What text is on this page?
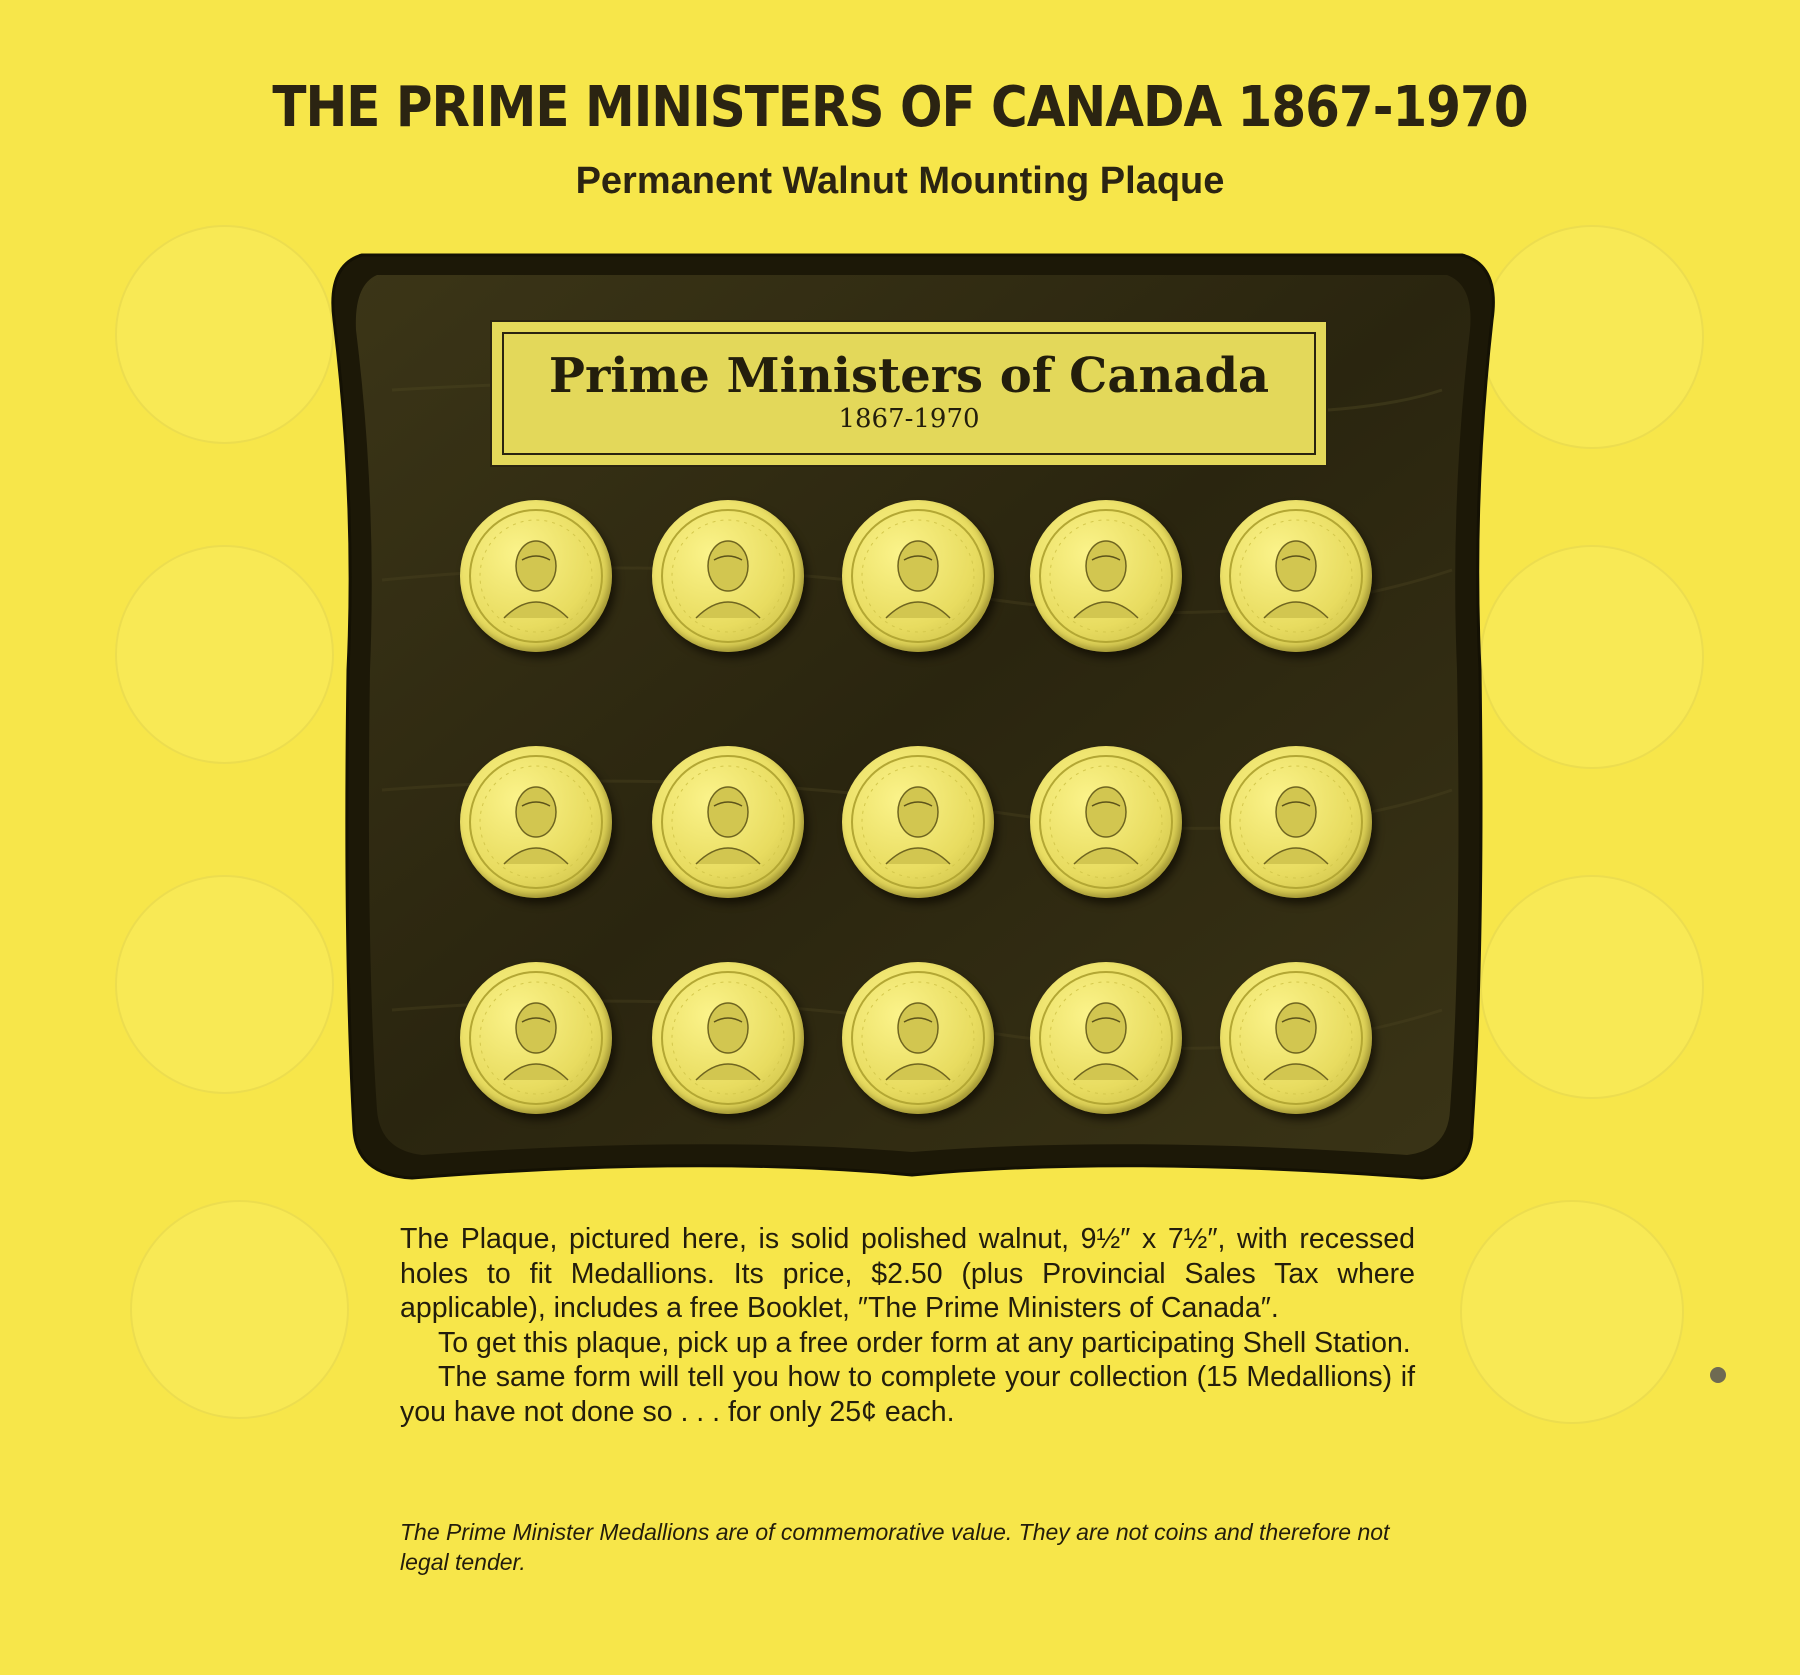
THE PRIME MINISTERS OF CANADA 1867-1970
Permanent Walnut Mounting Plaque
Prime Ministers of Canada
1867-1970

The Plaque, pictured here, is solid polished walnut, 9½″ x 7½″, with recessed holes to fit Medallions. Its price, $2.50 (plus Provincial Sales Tax where applicable), includes a free Booklet, ″The Prime Ministers of Canada″.

To get this plaque, pick up a free order form at any participating Shell Station.

The same form will tell you how to complete your collection (15 Medallions) if you have not done so . . . for only 25¢ each.

The Prime Minister Medallions are of commemorative value. They are not coins and therefore not legal tender.
